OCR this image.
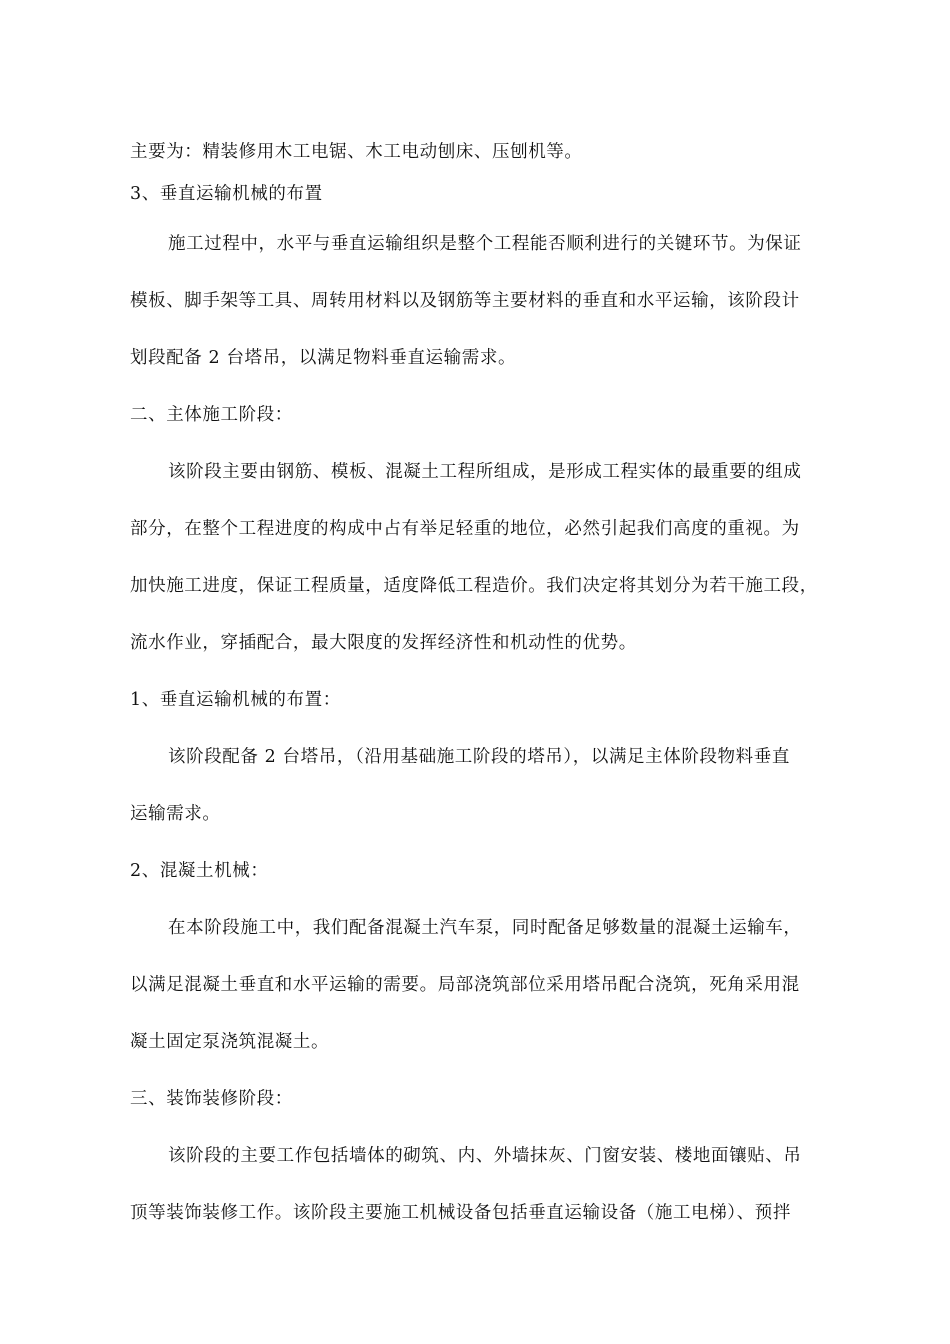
主要为：精装修用木工电锯、木工电动刨床、压刨机等。
3、垂直运输机械的布置
施工过程中，水平与垂直运输组织是整个工程能否顺利进行的关键环节。为保证
模板、脚手架等工具、周转用材料以及钢筋等主要材料的垂直和水平运输，该阶段计
划段配备 2 台塔吊，以满足物料垂直运输需求。
二、主体施工阶段：
该阶段主要由钢筋、模板、混凝土工程所组成，是形成工程实体的最重要的组成
部分，在整个工程进度的构成中占有举足轻重的地位，必然引起我们高度的重视。为
加快施工进度，保证工程质量，适度降低工程造价。我们决定将其划分为若干施工段，
流水作业，穿插配合，最大限度的发挥经济性和机动性的优势。
1、垂直运输机械的布置：
该阶段配备 2 台塔吊，（沿用基础施工阶段的塔吊），以满足主体阶段物料垂直
运输需求。
2、混凝土机械：
在本阶段施工中，我们配备混凝土汽车泵，同时配备足够数量的混凝土运输车，
以满足混凝土垂直和水平运输的需要。局部浇筑部位采用塔吊配合浇筑，死角采用混
凝土固定泵浇筑混凝土。
三、装饰装修阶段：
该阶段的主要工作包括墙体的砌筑、内、外墙抹灰、门窗安装、楼地面镶贴、吊
顶等装饰装修工作。该阶段主要施工机械设备包括垂直运输设备（施工电梯）、预拌
